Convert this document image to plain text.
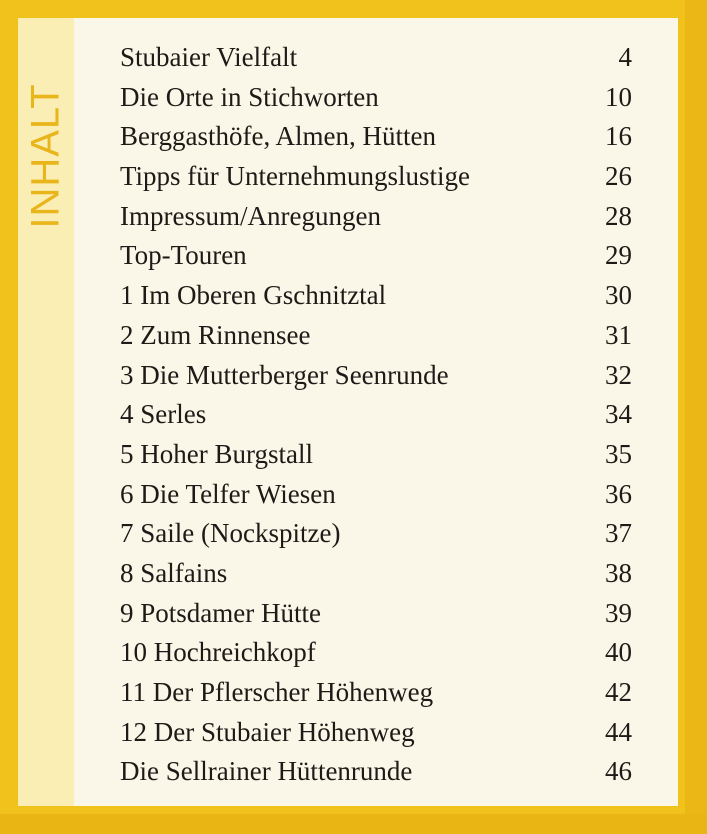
INHALT
Stubaier Vielfalt	4
Die Orte in Stichworten	10
Berggasthöfe, Almen, Hütten	16
Tipps für Unternehmungslustige	26
Impressum/Anregungen	28
Top-Touren	29
1 Im Oberen Gschnitztal	30
2 Zum Rinnensee	31
3 Die Mutterberger Seenrunde	32
4 Serles	34
5 Hoher Burgstall	35
6 Die Telfer Wiesen	36
7 Saile (Nockspitze)	37
8 Salfains	38
9 Potsdamer Hütte	39
10 Hochreichkopf	40
11 Der Pflerscher Höhenweg	42
12 Der Stubaier Höhenweg	44
Die Sellrainer Hüttenrunde	46
